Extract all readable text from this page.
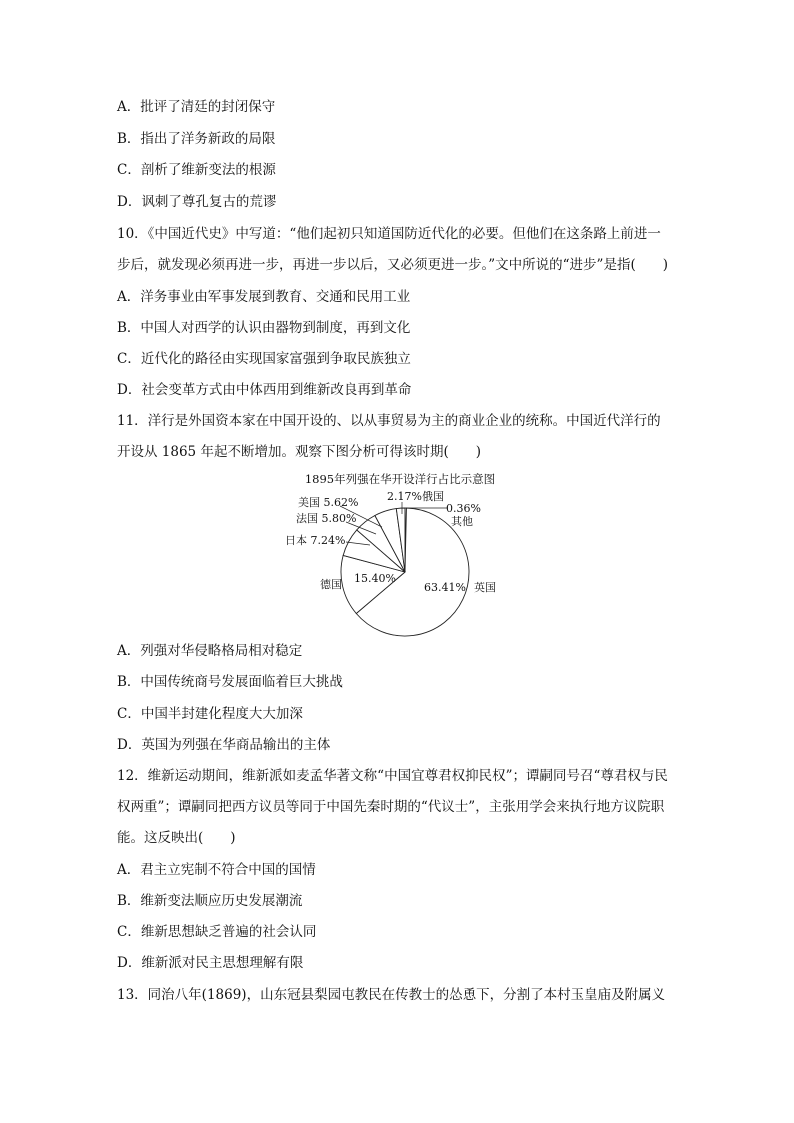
A．批评了清廷的封闭保守
B．指出了洋务新政的局限
C．剖析了维新变法的根源
D．讽刺了尊孔复古的荒谬
10．《中国近代史》中写道：“他们起初只知道国防近代化的必要。但他们在这条路上前进一
步后，就发现必须再进一步，再进一步以后，又必须更进一步。”文中所说的“进步”是指(　　)
A．洋务事业由军事发展到教育、交通和民用工业
B．中国人对西学的认识由器物到制度，再到文化
C．近代化的路径由实现国家富强到争取民族独立
D．社会变革方式由中体西用到维新改良再到革命
11．洋行是外国资本家在中国开设的、以从事贸易为主的商业企业的统称。中国近代洋行的
开设从 1865 年起不断增加。观察下图分析可得该时期(　　)
1895年列强在华开设洋行占比示意图
美国 5.62%	2.17%俄国
0.36%
其他
法国 5.80%
日本 7.24%
德国 15.40%
63.41% 英国
A．列强对华侵略格局相对稳定
B．中国传统商号发展面临着巨大挑战
C．中国半封建化程度大大加深
D．英国为列强在华商品输出的主体
12．维新运动期间，维新派如麦孟华著文称“中国宜尊君权抑民权”；谭嗣同号召“尊君权与民
权两重”；谭嗣同把西方议员等同于中国先秦时期的“代议士”，主张用学会来执行地方议院职
能。这反映出(　　)
A．君主立宪制不符合中国的国情
B．维新变法顺应历史发展潮流
C．维新思想缺乏普遍的社会认同
D．维新派对民主思想理解有限
13．同治八年(1869)，山东冠县梨园屯教民在传教士的怂恿下，分割了本村玉皇庙及附属义
